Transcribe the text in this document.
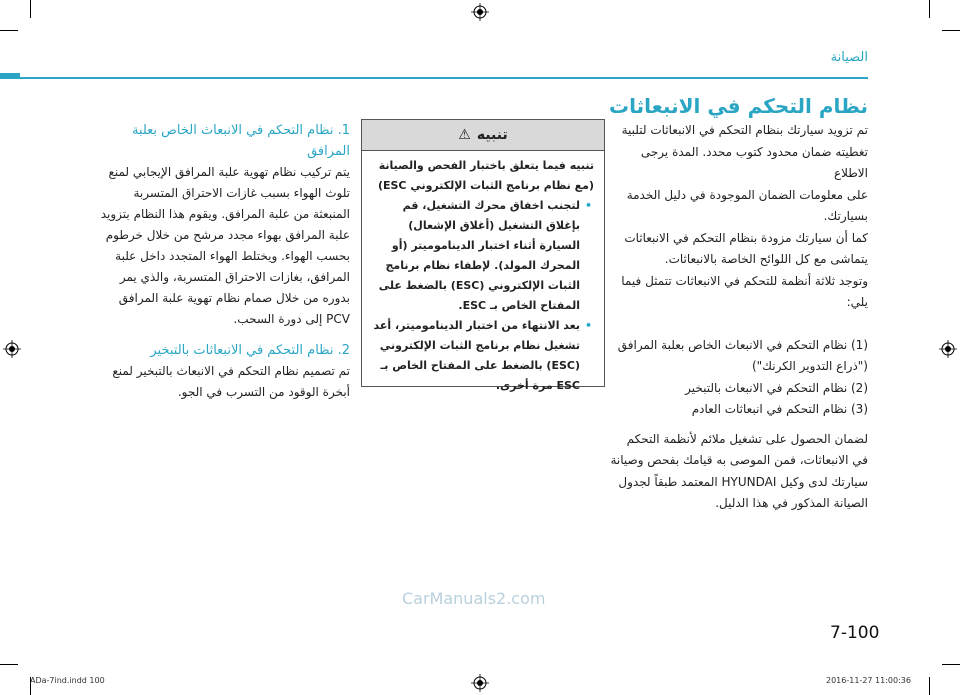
الصيانة
نظام التحكم في الانبعاثات

تم تزويد سيارتك بنظام التحكم في الانبعاثات لتلبية تغطيته ضمان محدود كتوب محدد. المدة يرجى الاطلاع

على معلومات الضمان الموجودة في دليل الخدمة بسيارتك.

كما أن سيارتك مزودة بنظام التحكم في الانبعاثات يتماشى مع كل اللوائح الخاصة بالانبعاثات.

وتوجد ثلاثة أنظمة للتحكم في الانبعاثات تتمثل فيما يلي:

(1) نظام التحكم في الانبعاث الخاص بعلبة المرافق ("ذراع التدوير الكرنك")

(2) نظام التحكم في الانبعاث بالتبخير

(3) نظام التحكم في انبعاثات العادم

لضمان الحصول على تشغيل ملائم لأنظمة التحكم في الانبعاثات، فمن الموصى به قيامك بفحص وصيانة سيارتك لدى وكيل HYUNDAI المعتمد طبقاً لجدول الصيانة المذكور في هذا الدليل.

تنبيه
⚠

تنبيه فيما يتعلق باختبار الفحص والصيانة (مع نظام برنامج الثبات الإلكتروني ESC)

• لتجنب اخفاق محرك التشغيل، قم بإغلاق التشغيل (أغلاق الإشعال) السيارة أثناء اختبار الديناموميتر (أو المحرك المولد). لإطفاء نظام برنامج الثبات الإلكتروني (ESC) بالضغط على المفتاح الخاص بـ ESC.
• بعد الانتهاء من اختبار الديناموميتر، أعد تشغيل نظام برنامج الثبات الإلكتروني (ESC) بالضغط على المفتاح الخاص بـ ESC مرة أخرى.

1. نظام التحكم في الانبعاث الخاص بعلبة المرافق

يتم تركيب نظام تهوية علبة المرافق الإيجابي لمنع تلوث الهواء بسبب غازات الاحتراق المتسربة المنبعثة من علبة المرافق. ويقوم هذا النظام بتزويد علبة المرافق بهواء مجدد مرشح من خلال خرطوم بحسب الهواء. ويختلط الهواء المتجدد داخل علبة المرافق، بغازات الاحتراق المتسربة، والذي يمر بدوره من خلال صمام نظام تهوية علبة المرافق PCV إلى دورة السحب.

2. نظام التحكم في الانبعاثات بالتبخير

تم تصميم نظام التحكم في الانبعاث بالتبخير لمنع أبخرة الوقود من التسرب في الجو.

CarManuals2.com
7-100
ADa-7ind.indd 100	2016-11-27 11:00:36
